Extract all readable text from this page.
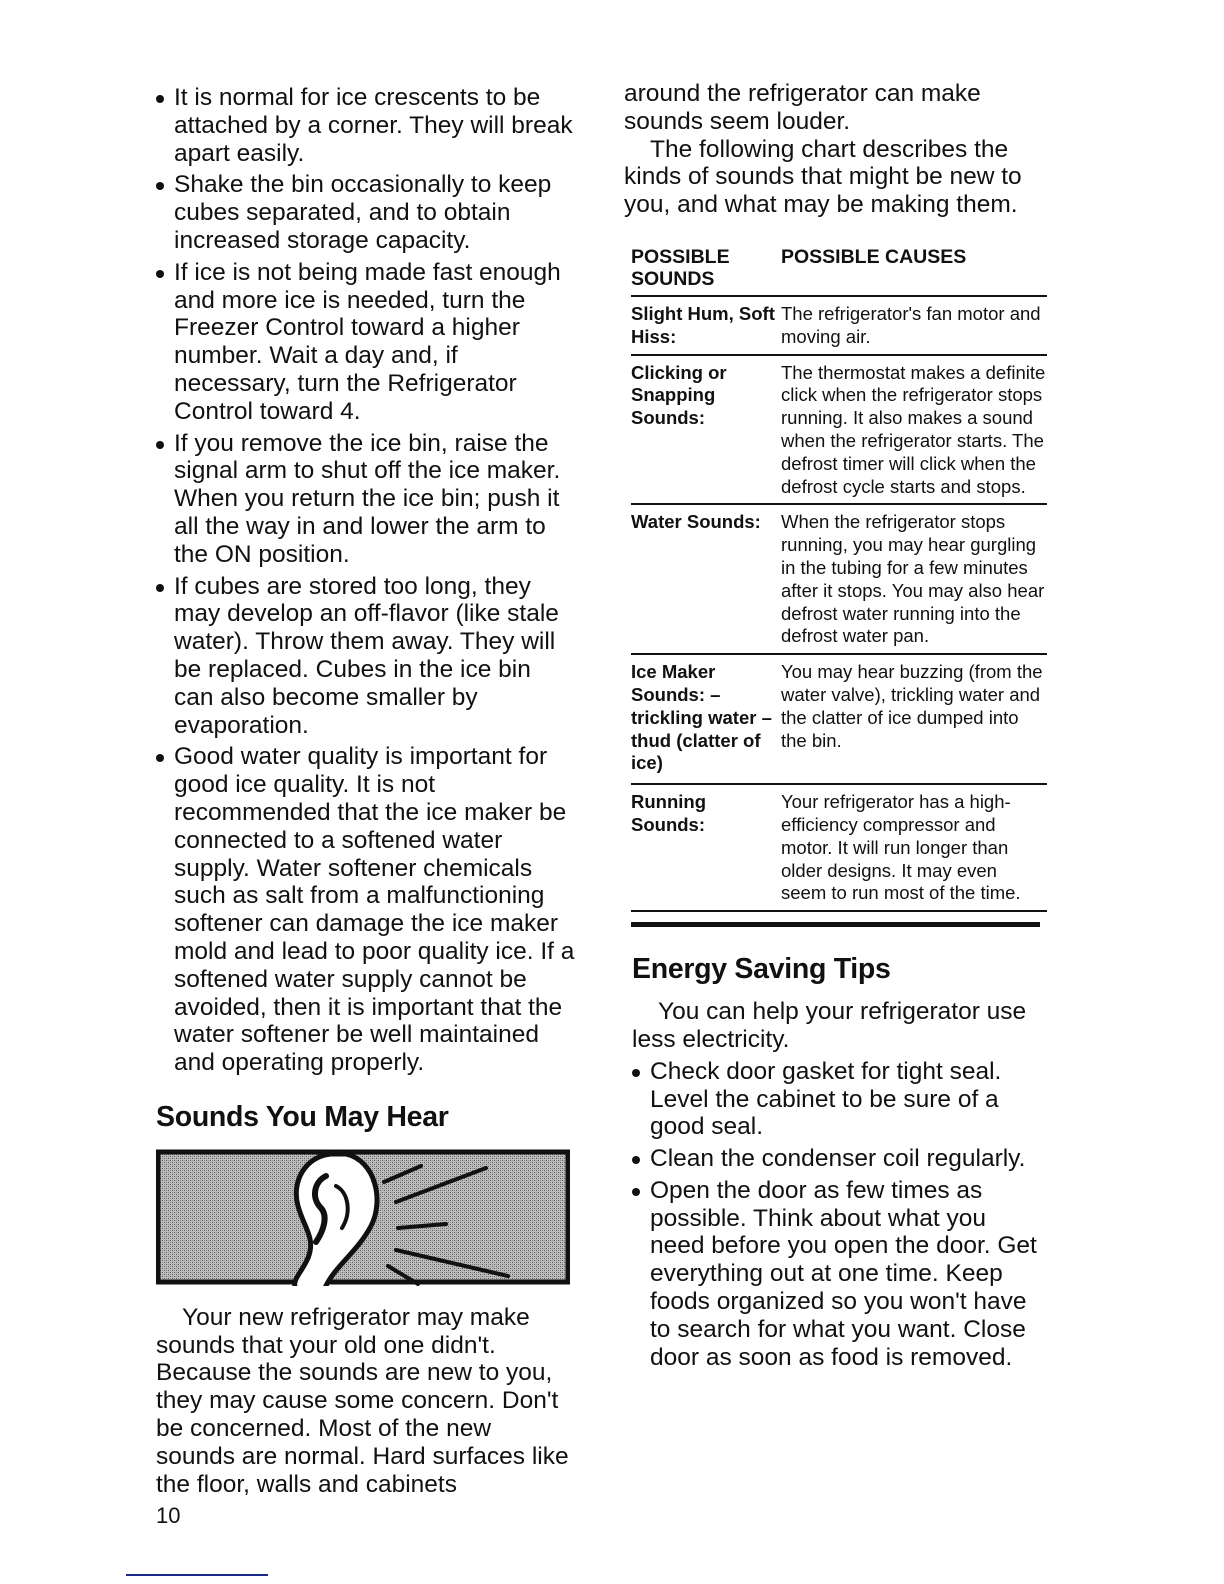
It is normal for ice crescents to be attached by a corner. They will break apart easily.
Shake the bin occasionally to keep cubes separated, and to obtain increased storage capacity.
If ice is not being made fast enough and more ice is needed, turn the Freezer Control toward a higher number. Wait a day and, if necessary, turn the Refrigerator Control toward 4.
If you remove the ice bin, raise the signal arm to shut off the ice maker. When you return the ice bin; push it all the way in and lower the arm to the ON position.
If cubes are stored too long, they may develop an off-flavor (like stale water). Throw them away. They will be replaced. Cubes in the ice bin can also become smaller by evaporation.
Good water quality is important for good ice quality. It is not recommended that the ice maker be connected to a softened water supply. Water softener chemicals such as salt from a malfunctioning softener can damage the ice maker mold and lead to poor quality ice. If a softened water supply cannot be avoided, then it is important that the water softener be well maintained and operating properly.
Sounds You May Hear

Your new refrigerator may make sounds that your old one didn't. Because the sounds are new to you, they may cause some concern. Don't be concerned. Most of the new sounds are normal. Hard surfaces like the floor, walls and cabinets

around the refrigerator can make sounds seem louder.

The following chart describes the kinds of sounds that might be new to you, and what may be making them.

POSSIBLE SOUNDS	POSSIBLE CAUSES
Slight Hum, Soft Hiss:	The refrigerator's fan motor and moving air.
Clicking or Snapping Sounds:	The thermostat makes a definite click when the refrigerator stops running. It also makes a sound when the refrigerator starts. The defrost timer will click when the defrost cycle starts and stops.
Water Sounds:	When the refrigerator stops running, you may hear gurgling in the tubing for a few minutes after it stops. You may also hear defrost water running into the defrost water pan.
Ice Maker Sounds: – trickling water – thud (clatter of ice)	You may hear buzzing (from the water valve), trickling water and the clatter of ice dumped into the bin.
Running Sounds:	Your refrigerator has a high-efficiency compressor and motor. It will run longer than older designs. It may even seem to run most of the time.
Energy Saving Tips

You can help your refrigerator use less electricity.

Check door gasket for tight seal. Level the cabinet to be sure of a good seal.
Clean the condenser coil regularly.
Open the door as few times as possible. Think about what you need before you open the door. Get everything out at one time. Keep foods organized so you won't have to search for what you want. Close door as soon as food is removed.
10
